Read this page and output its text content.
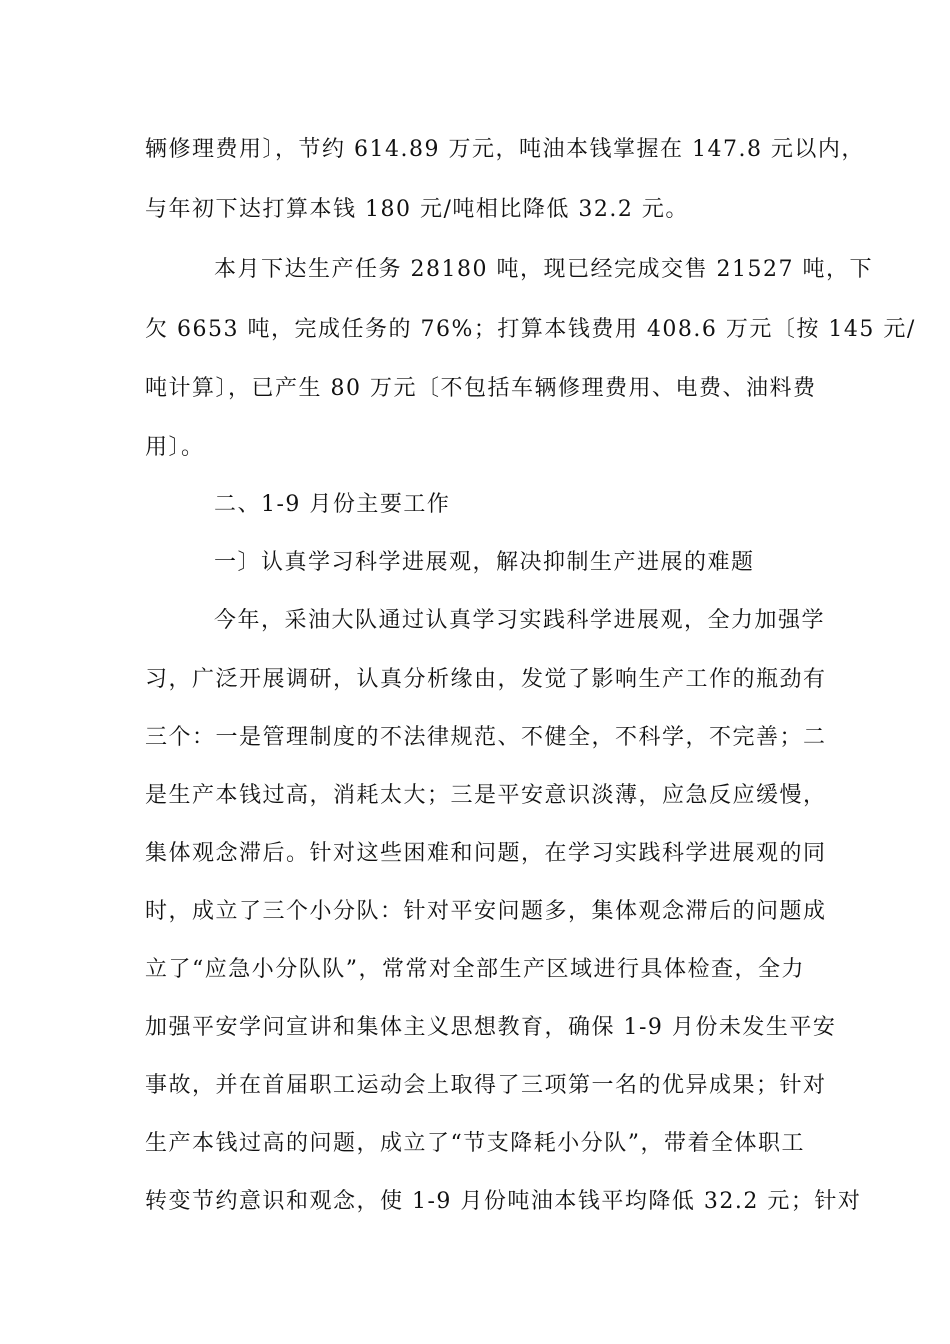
辆修理费用〕，节约 614.89 万元，吨油本钱掌握在 147.8 元以内，
与年初下达打算本钱 180 元/吨相比降低 32.2 元。
本月下达生产任务 28180 吨，现已经完成交售 21527 吨，下
欠 6653 吨，完成任务的 76%；打算本钱费用 408.6 万元〔按 145 元/
吨计算〕，已产生 80 万元〔不包括车辆修理费用、电费、油料费
用〕。
二、1-9 月份主要工作
一〕认真学习科学进展观，解决抑制生产进展的难题
今年，采油大队通过认真学习实践科学进展观，全力加强学
习，广泛开展调研，认真分析缘由，发觉了影响生产工作的瓶劲有
三个：一是管理制度的不法律规范、不健全，不科学，不完善；二
是生产本钱过高，消耗太大；三是平安意识淡薄，应急反应缓慢，
集体观念滞后。针对这些困难和问题，在学习实践科学进展观的同
时，成立了三个小分队：针对平安问题多，集体观念滞后的问题成
立了“应急小分队队”，常常对全部生产区域进行具体检查，全力
加强平安学问宣讲和集体主义思想教育，确保 1-9 月份未发生平安
事故，并在首届职工运动会上取得了三项第一名的优异成果；针对
生产本钱过高的问题，成立了“节支降耗小分队”，带着全体职工
转变节约意识和观念，使 1-9 月份吨油本钱平均降低 32.2 元；针对
